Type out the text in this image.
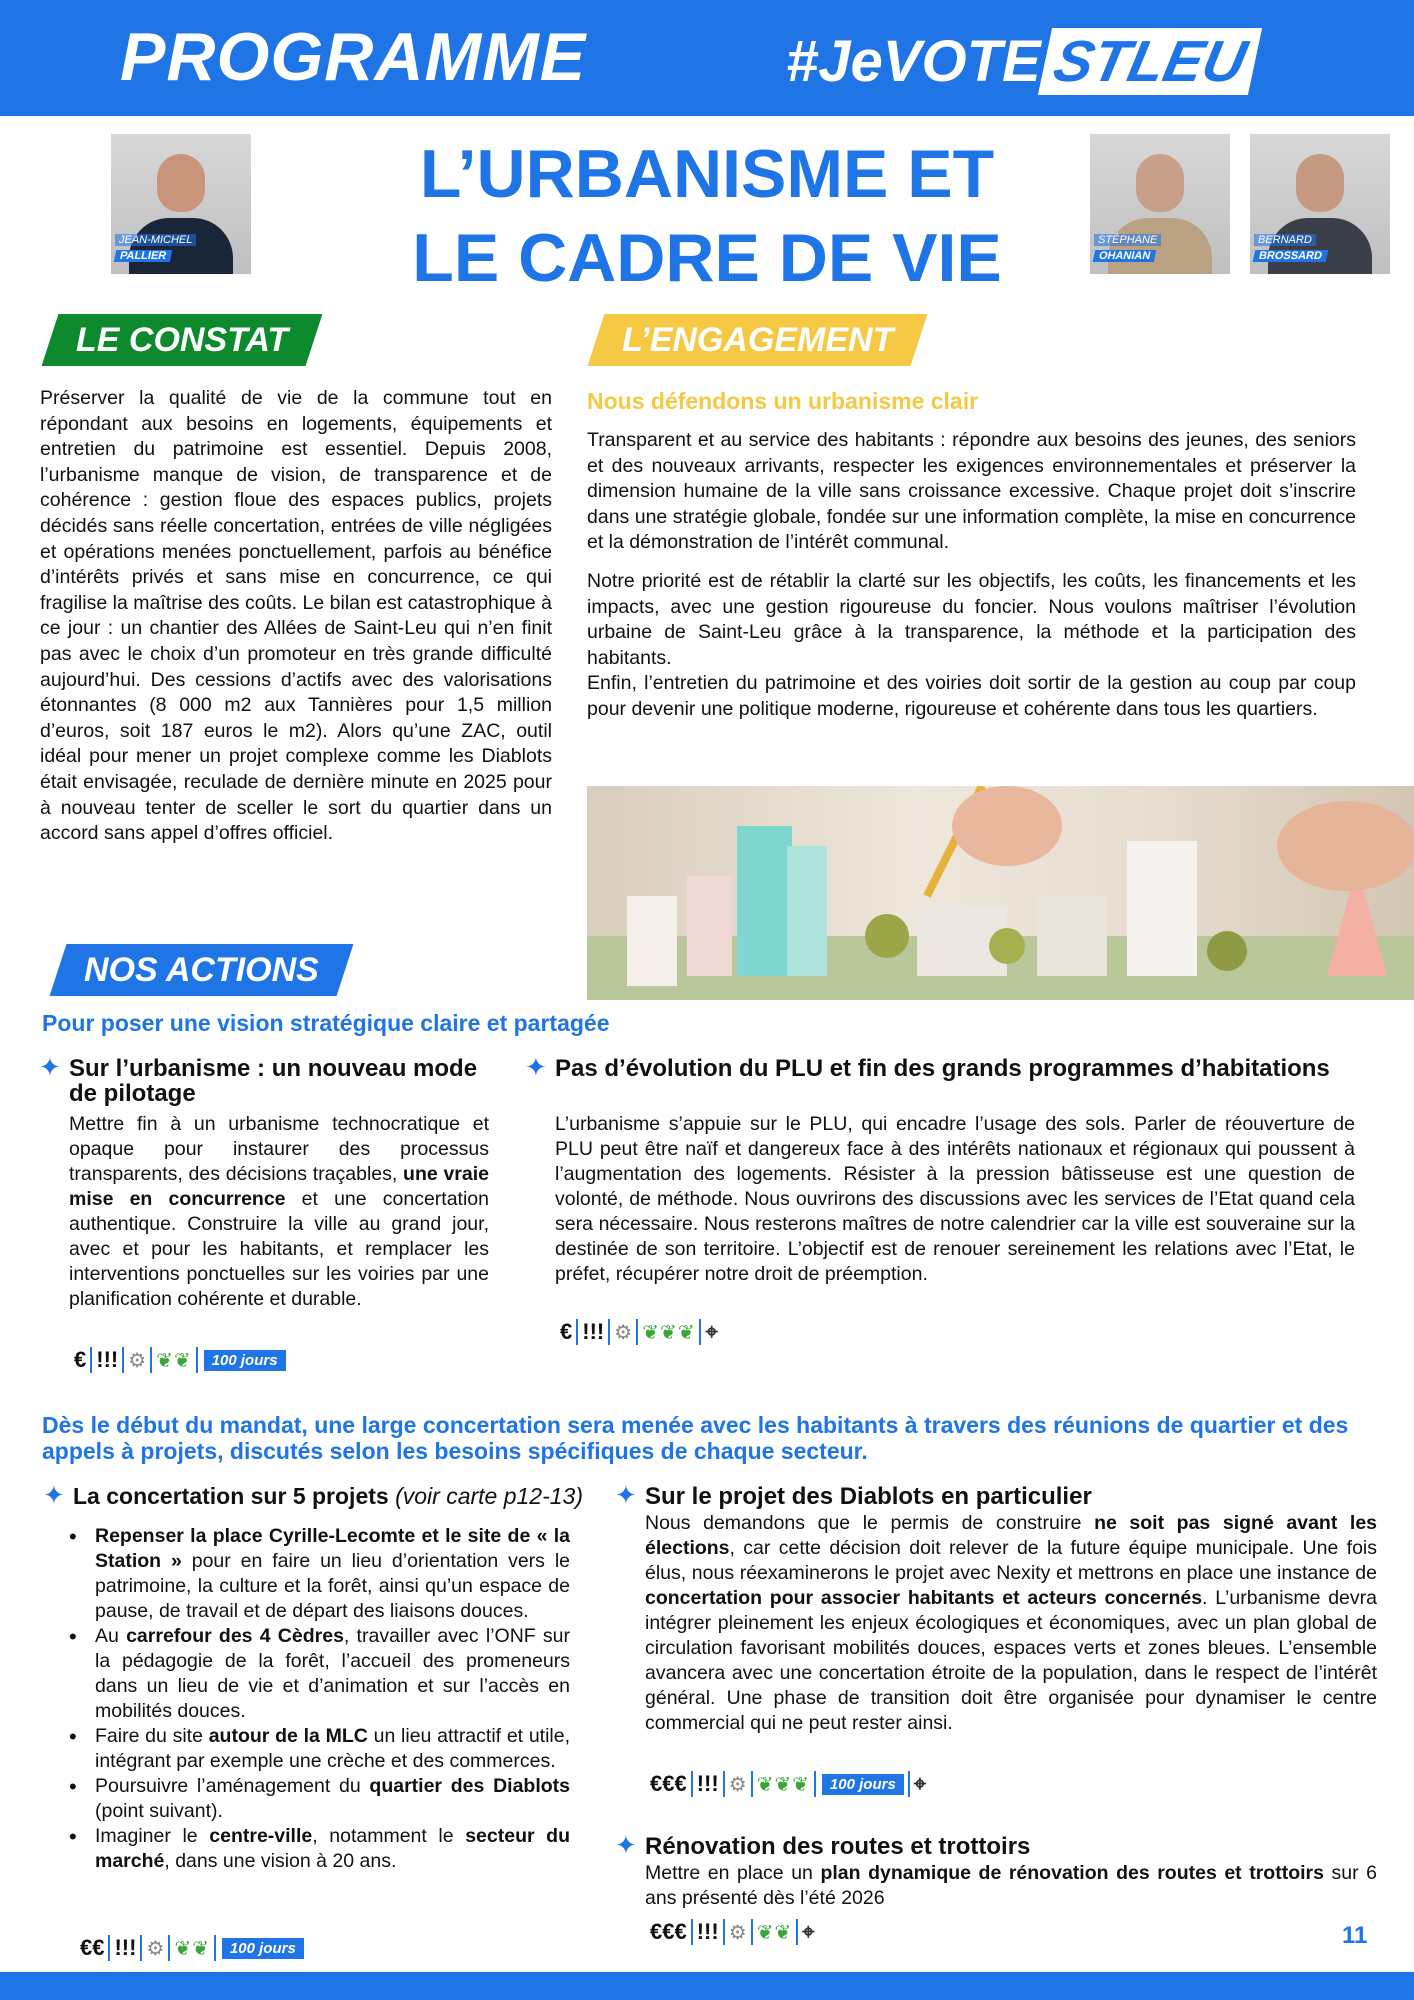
PROGRAMME	#JeVOTE STLEU
L’URBANISME ET
LE CADRE DE VIE
JEAN-MICHEL
PALLIER
STÉPHANE
OHANIAN
BERNARD
BROSSARD
LE CONSTAT
Préserver la qualité de vie de la commune tout en répondant aux besoins en logements, équipements et entretien du patrimoine est essentiel. Depuis 2008, l’urbanisme manque de vision, de transparence et de cohérence : gestion floue des espaces publics, projets décidés sans réelle concertation, entrées de ville négligées et opérations menées ponctuellement, parfois au bénéfice d’intérêts privés et sans mise en concurrence, ce qui fragilise la maîtrise des coûts. Le bilan est catastrophique à ce jour : un chantier des Allées de Saint-Leu qui n’en finit pas avec le choix d’un promoteur en très grande difficulté aujourd’hui. Des cessions d’actifs avec des valorisations étonnantes (8 000 m2 aux Tannières pour 1,5 million d’euros, soit 187 euros le m2). Alors qu’une ZAC, outil idéal pour mener un projet complexe comme les Diablots était envisagée, reculade de dernière minute en 2025 pour à nouveau tenter de sceller le sort du quartier dans un accord sans appel d’offres officiel.
L’ENGAGEMENT
Nous défendons un urbanisme clair

Transparent et au service des habitants : répondre aux besoins des jeunes, des seniors et des nouveaux arrivants, respecter les exigences environnementales et préserver la dimension humaine de la ville sans croissance excessive. Chaque projet doit s’inscrire dans une stratégie globale, fondée sur une information complète, la mise en concurrence et la démonstration de l’intérêt communal.

Notre priorité est de rétablir la clarté sur les objectifs, les coûts, les financements et les impacts, avec une gestion rigoureuse du foncier. Nous voulons maîtriser l’évolution urbaine de Saint-Leu grâce à la transparence, la méthode et la participation des habitants.

Enfin, l’entretien du patrimoine et des voiries doit sortir de la gestion au coup par coup pour devenir une politique moderne, rigoureuse et cohérente dans tous les quartiers.
NOS ACTIONS
Pour poser une vision stratégique claire et partagée
✦ Sur l’urbanisme : un nouveau mode de pilotage
Mettre fin à un urbanisme technocratique et opaque pour instaurer des processus transparents, des décisions traçables, une vraie mise en concurrence et une concertation authentique. Construire la ville au grand jour, avec et pour les habitants, et remplacer les interventions ponctuelles sur les voiries par une planification cohérente et durable.
€ !!! ⚙ ❦❦	100 jours
✦ Pas d’évolution du PLU et fin des grands programmes d’habitations
L’urbanisme s’appuie sur le PLU, qui encadre l’usage des sols. Parler de réouverture de PLU peut être naïf et dangereux face à des intérêts nationaux et régionaux qui poussent à l’augmentation des logements. Résister à la pression bâtisseuse est une question de volonté, de méthode. Nous ouvrirons des discussions avec les services de l’Etat quand cela sera nécessaire. Nous resterons maîtres de notre calendrier car la ville est souveraine sur la destinée de son territoire. L’objectif est de renouer sereinement les relations avec l’Etat, le préfet, récupérer notre droit de préemption.
€ !!! ⚙ ❦❦❦ ⌖
Dès le début du mandat, une large concertation sera menée avec les habitants à travers des réunions de quartier et des appels à projets, discutés selon les besoins spécifiques de chaque secteur.
✦ La concertation sur 5 projets (voir carte p12-13)
• Repenser la place Cyrille-Lecomte et le site de « la Station » pour en faire un lieu d’orientation vers le patrimoine, la culture et la forêt, ainsi qu’un espace de pause, de travail et de départ des liaisons douces.
• Au carrefour des 4 Cèdres, travailler avec l’ONF sur la pédagogie de la forêt, l’accueil des promeneurs dans un lieu de vie et d’animation et sur l’accès en mobilités douces.
• Faire du site autour de la MLC un lieu attractif et utile, intégrant par exemple une crèche et des commerces.
• Poursuivre l’aménagement du quartier des Diablots (point suivant).
• Imaginer le centre-ville, notamment le secteur du marché, dans une vision à 20 ans.
€€ !!! ⚙ ❦❦	100 jours
✦ Sur le projet des Diablots en particulier
Nous demandons que le permis de construire ne soit pas signé avant les élections, car cette décision doit relever de la future équipe municipale. Une fois élus, nous réexaminerons le projet avec Nexity et mettrons en place une instance de concertation pour associer habitants et acteurs concernés. L’urbanisme devra intégrer pleinement les enjeux écologiques et économiques, avec un plan global de circulation favorisant mobilités douces, espaces verts et zones bleues. L’ensemble avancera avec une concertation étroite de la population, dans le respect de l’intérêt général. Une phase de transition doit être organisée pour dynamiser le centre commercial qui ne peut rester ainsi.
€€€ !!! ⚙ ❦❦❦	100 jours ⌖
✦ Rénovation des routes et trottoirs
Mettre en place un plan dynamique de rénovation des routes et trottoirs sur 6 ans présenté dès l’été 2026
€€€ !!! ⚙ ❦❦ ⌖	11
